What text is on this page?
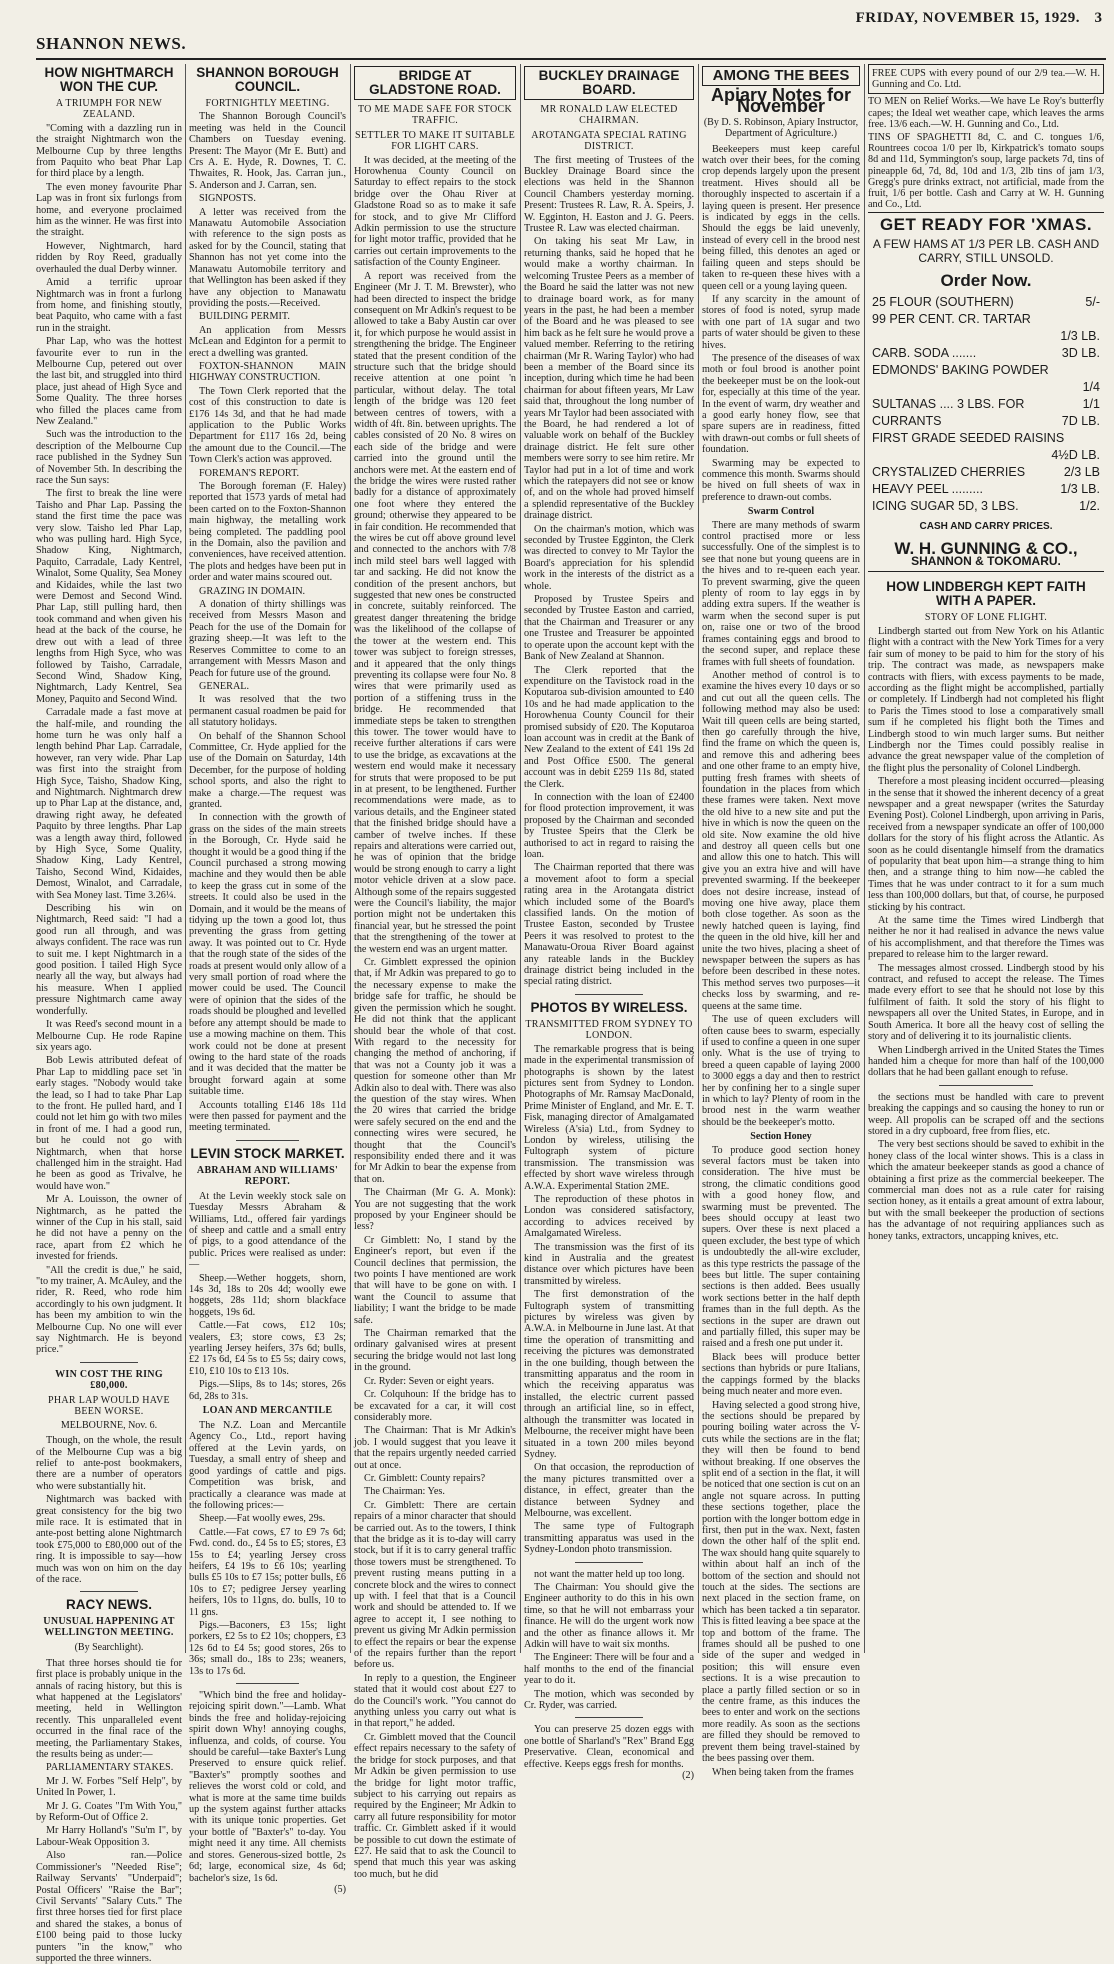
3
FRIDAY, NOVEMBER 15, 1929.
SHANNON NEWS.
HOW NIGHTMARCH WON THE CUP.
A TRIUMPH FOR NEW ZEALAND.

"Coming with a dazzling run in the straight Nightmarch won the Melbourne Cup by three lengths from Paquito who beat Phar Lap for third place by a length.

The even money favourite Phar Lap was in front six furlongs from home, and everyone proclaimed him as the winner. He was first into the straight.

However, Nightmarch, hard ridden by Roy Reed, gradually overhauled the dual Derby winner.

Amid a terrific uproar Nightmarch was in front a furlong from home, and finishing stoutly, beat Paquito, who came with a fast run in the straight.

Phar Lap, who was the hottest favourite ever to run in the Melbourne Cup, petered out over the last bit, and struggled into third place, just ahead of High Syce and Some Quality. The three horses who filled the places came from New Zealand."

Such was the introduction to the description of the Melbourne Cup race published in the Sydney Sun of November 5th. In describing the race the Sun says:

The first to break the line were Taisho and Phar Lap. Passing the stand the first time the pace was very slow. Taisho led Phar Lap, who was pulling hard. High Syce, Shadow King, Nightmarch, Paquito, Carradale, Lady Kentrel, Winalot, Some Quality, Sea Money and Kidaides, while the last two were Demost and Second Wind. Phar Lap, still pulling hard, then took command and when given his head at the back of the course, he drew out with a lead of three lengths from High Syce, who was followed by Taisho, Carradale, Second Wind, Shadow King, Nightmarch, Lady Kentrel, Sea Money, Paquito and Second Wind.

Carradale made a fast move at the half-mile, and rounding the home turn he was only half a length behind Phar Lap. Carradale, however, ran very wide. Phar Lap was first into the straight from High Syce, Taisho, Shadow King, and Nightmarch. Nightmarch drew up to Phar Lap at the distance, and, drawing right away, he defeated Paquito by three lengths. Phar Lap was a length away third, followed by High Syce, Some Quality, Shadow King, Lady Kentrel, Taisho, Second Wind, Kidaides, Demost, Winalot, and Carradale, with Sea Money last. Time 3.26¼.

Describing his win on Nightmarch, Reed said: "I had a good run all through, and was always confident. The race was run to suit me. I kept Nightmarch in a good position. I tailed High Syce nearly all the way, but always had his measure. When I applied pressure Nightmarch came away wonderfully.

It was Reed's second mount in a Melbourne Cup. He rode Rapine six years ago.

Bob Lewis attributed defeat of Phar Lap to middling pace set 'in early stages. "Nobody would take the lead, so I had to take Phar Lap to the front. He pulled hard, and I could not let him go with two miles in front of me. I had a good run, but he could not go with Nightmarch, when that horse challenged him in the straight. Had he been as good as Trivalve, he would have won."

Mr A. Louisson, the owner of Nightmarch, as he patted the winner of the Cup in his stall, said he did not have a penny on the race, apart from £2 which he invested for friends.

"All the credit is due," he said, "to my trainer, A. McAuley, and the rider, R. Reed, who rode him accordingly to his own judgment. It has been my ambition to win the Melbourne Cup. No one will ever say Nightmarch. He is beyond price."

WIN COST THE RING £80,000.
PHAR LAP WOULD HAVE BEEN WORSE.
MELBOURNE, Nov. 6.

Though, on the whole, the result of the Melbourne Cup was a big relief to ante-post bookmakers, there are a number of operators who were substantially hit.

Nightmarch was backed with great consistency for the big two mile race. It is estimated that in ante-post betting alone Nightmarch took £75,000 to £80,000 out of the ring. It is impossible to say—how much was won on him on the day of the race.

RACY NEWS.
UNUSUAL HAPPENING AT WELLINGTON MEETING.
(By Searchlight).

That three horses should tie for first place is probably unique in the annals of racing history, but this is what happened at the Legislators' meeting, held in Wellington recently. This unparalleled event occurred in the final race of the meeting, the Parliamentary Stakes, the results being as under:—

PARLIAMENTARY STAKES.

Mr J. W. Forbes "Self Help", by United In Power, 1.

Mr J. G. Coates "I'm With You," by Reform-Out of Office 2.

Mr Harry Holland's "Su'm I", by Labour-Weak Opposition 3.

Also ran.—Police Commissioner's "Needed Rise"; Railway Servants' "Underpaid"; Postal Officers' "Raise the Bar"; Civil Servants' "Salary Cuts." The first three horses tied for first place and shared the stakes, a bonus of £100 being paid to those lucky punters "in the know," who supported the three winners.

SHANNON BOROUGH COUNCIL.
FORTNIGHTLY MEETING.

The Shannon Borough Council's meeting was held in the Council Chambers on Tuesday evening. Present: The Mayor (Mr E. Butt) and Crs A. E. Hyde, R. Downes, T. C. Thwaites, R. Hook, Jas. Carran jun., S. Anderson and J. Carran, sen.

SIGNPOSTS.

A letter was received from the Manawatu Automobile Association with reference to the sign posts as asked for by the Council, stating that Shannon has not yet come into the Manawatu Automobile territory and that Wellington has been asked if they have any objection to Manawatu providing the posts.—Received.

BUILDING PERMIT.

An application from Messrs McLean and Edginton for a permit to erect a dwelling was granted.

FOXTON-SHANNON MAIN HIGHWAY CONSTRUCTION.

The Town Clerk reported that the cost of this construction to date is £176 14s 3d, and that he had made application to the Public Works Department for £117 16s 2d, being the amount due to the Council.—The Town Clerk's action was approved.

FOREMAN'S REPORT.

The Borough foreman (F. Haley) reported that 1573 yards of metal had been carted on to the Foxton-Shannon main highway, the metalling work being completed. The paddling pool in the Domain, also the pavilion and conveniences, have received attention. The plots and hedges have been put in order and water mains scoured out.

GRAZING IN DOMAIN.

A donation of thirty shillings was received from Messrs Mason and Peach for the use of the Domain for grazing sheep.—It was left to the Reserves Committee to come to an arrangement with Messrs Mason and Peach for future use of the ground.

GENERAL.

It was resolved that the two permanent casual roadmen be paid for all statutory holidays.

On behalf of the Shannon School Committee, Cr. Hyde applied for the use of the Domain on Saturday, 14th December, for the purpose of holding school sports, and also the right to make a charge.—The request was granted.

In connection with the growth of grass on the sides of the main streets in the Borough, Cr. Hyde said he thought it would be a good thing if the Council purchased a strong mowing machine and they would then be able to keep the grass cut in some of the streets. It could also be used in the Domain, and it would be the means of tidying up the town a good lot, thus preventing the grass from getting away. It was pointed out to Cr. Hyde that the rough state of the sides of the roads at present would only allow of a very small portion of road where the mower could be used. The Council were of opinion that the sides of the roads should be ploughed and levelled before any attempt should be made to use a mowing machine on them. This work could not be done at present owing to the hard state of the roads and it was decided that the matter be brought forward again at some suitable time.

Accounts totalling £146 18s 11d were then passed for payment and the meeting terminated.

LEVIN STOCK MARKET.
ABRAHAM AND WILLIAMS' REPORT.

At the Levin weekly stock sale on Tuesday Messrs Abraham & Williams, Ltd., offered fair yardings of sheep and cattle and a small entry of pigs, to a good attendance of the public. Prices were realised as under:—

Sheep.—Wether hoggets, shorn, 14s 3d, 18s to 20s 4d; woolly ewe hoggets, 28s 11d; shorn blackface hoggets, 19s 6d.

Cattle.—Fat cows, £12 10s; vealers, £3; store cows, £3 2s; yearling Jersey heifers, 37s 6d; bulls, £2 17s 6d, £4 5s to £5 5s; dairy cows, £10, £10 10s to £13 10s.

Pigs.—Slips, 8s to 14s; stores, 26s 6d, 28s to 31s.

LOAN AND MERCANTILE

The N.Z. Loan and Mercantile Agency Co., Ltd., report having offered at the Levin yards, on Tuesday, a small entry of sheep and good yardings of cattle and pigs. Competition was brisk, and practically a clearance was made at the following prices:—

Sheep.—Fat woolly ewes, 29s.

Cattle.—Fat cows, £7 to £9 7s 6d; Fwd. cond. do., £4 5s to £5; stores, £3 15s to £4; yearling Jersey cross heifers, £4 19s to £6 10s; yearling bulls £5 10s to £7 15s; potter bulls, £6 10s to £7; pedigree Jersey yearling heifers, 10s to 11gns, do. bulls, 10 to 11 gns.

Pigs.—Baconers, £3 15s; light porkers, £2 5s to £2 10s; choppers, £3 12s 6d to £4 5s; good stores, 26s to 36s; small do., 18s to 23s; weaners, 13s to 17s 6d.

"Which bind the free and holiday-rejoicing spirit down."—Lamb. What binds the free and holiday-rejoicing spirit down Why! annoying coughs, influenza, and colds, of course. You should be careful—take Baxter's Lung Preserved to ensure quick relief. "Baxter's" promptly soothes and relieves the worst cold or cold, and what is more at the same time builds up the system against further attacks with its unique tonic properties. Get your bottle of "Baxter's" to-day. You might need it any time. All chemists and stores. Generous-sized bottle, 2s 6d; large, economical size, 4s 6d; bachelor's size, 1s 6d.

(5)
BRIDGE AT GLADSTONE ROAD.
TO ME MADE SAFE FOR STOCK TRAFFIC.
SETTLER TO MAKE IT SUITABLE FOR LIGHT CARS.

It was decided, at the meeting of the Horowhenua County Council on Saturday to effect repairs to the stock bridge over the Ohau River at Gladstone Road so as to make it safe for stock, and to give Mr Clifford Adkin permission to use the structure for light motor traffic, provided that he carries out certain improvements to the satisfaction of the County Engineer.

A report was received from the Engineer (Mr J. T. M. Brewster), who had been directed to inspect the bridge consequent on Mr Adkin's request to be allowed to take a Baby Austin car over it, for which purpose he would assist in strengthening the bridge. The Engineer stated that the present condition of the structure such that the bridge should receive attention at one point 'n particular, without delay. The total length of the bridge was 120 feet between centres of towers, with a width of 4ft. 8in. between uprights. The cables consisted of 20 No. 8 wires on each side of the bridge and were carried into the ground until the anchors were met. At the eastern end of the bridge the wires were rusted rather badly for a distance of approximately one foot where they entered the ground; otherwise they appeared to be in fair condition. He recommended that the wires be cut off above ground level and connected to the anchors with 7/8 inch mild steel bars well lagged with tar and sacking. He did not know the condition of the present anchors, but suggested that new ones be constructed in concrete, suitably reinforced. The greatest danger threatening the bridge was the likelihood of the collapse of the tower at the western end. This tower was subject to foreign stresses, and it appeared that the only things preventing its collapse were four No. 8 wires that were primarily used as portion of a stiffening truss in the bridge. He recommended that immediate steps be taken to strengthen this tower. The tower would have to receive further alterations if cars were to use the bridge, as excavations at the western end would make it necessary for struts that were proposed to be put in at present, to be lengthened. Further recommendations were made, as to various details, and the Engineer stated that the finished bridge should have a camber of twelve inches. If these repairs and alterations were carried out, he was of opinion that the bridge would be strong enough to carry a light motor vehicle driven at a slow pace. Although some of the repairs suggested were the Council's liability, the major portion might not be undertaken this financial year, but he stressed the point that the strengthening of the tower at the western end was an urgent matter.

Cr. Gimblett expressed the opinion that, if Mr Adkin was prepared to go to the necessary expense to make the bridge safe for traffic, he should be given the permission which he sought. He did not think that the applicant should bear the whole of that cost. With regard to the necessity for changing the method of anchoring, if that was not a County job it was a question for someone other than Mr Adkin also to deal with. There was also the question of the stay wires. When the 20 wires that carried the bridge were safely secured on the end and the connecting wires were secured, he thought that the Council's responsibility ended there and it was for Mr Adkin to bear the expense from that on.

The Chairman (Mr G. A. Monk): You are not suggesting that the work proposed by your Engineer should be less?

Cr Gimblett: No, I stand by the Engineer's report, but even if the Council declines that permission, the two points I have mentioned are work that will have to be gone on with. I want the Council to assume that liability; I want the bridge to be made safe.

The Chairman remarked that the ordinary galvanised wires at present securing the bridge would not last long in the ground.

Cr. Ryder: Seven or eight years.

Cr. Colquhoun: If the bridge has to be excavated for a car, it will cost considerably more.

The Chairman: That is Mr Adkin's job. I would suggest that you leave it that the repairs urgently needed carried out at once.

Cr. Gimblett: County repairs?

The Chairman: Yes.

Cr. Gimblett: There are certain repairs of a minor character that should be carried out. As to the towers, I think that the bridge as it is to-day will carry stock, but if it is to carry general traffic those towers must be strengthened. To prevent rusting means putting in a concrete block and the wires to connect up with. I feel that that is a Council work and should be attended to. If we agree to accept it, I see nothing to prevent us giving Mr Adkin permission to effect the repairs or bear the expense of the repairs further than the report before us.

In reply to a question, the Engineer stated that it would cost about £27 to do the Council's work. "You cannot do anything unless you carry out what is in that report," he added.

Cr. Gimblett moved that the Council effect repairs necessary to the safety of the bridge for stock purposes, and that Mr Adkin be given permission to use the bridge for light motor traffic, subject to his carrying out repairs as required by the Engineer; Mr Adkin to carry all future responsibility for motor traffic. Cr. Gimblett asked if it would be possible to cut down the estimate of £27. He said that to ask the Council to spend that much this year was asking too much, but he did

BUCKLEY DRAINAGE BOARD.
MR RONALD LAW ELECTED CHAIRMAN.
AROTANGATA SPECIAL RATING DISTRICT.

The first meeting of Trustees of the Buckley Drainage Board since the elections was held in the Shannon Council Chambers yesterday morning. Present: Trustees R. Law, R. A. Speirs, J. W. Egginton, H. Easton and J. G. Peers. Trustee R. Law was elected chairman.

On taking his seat Mr Law, in returning thanks, said he hoped that he would make a worthy chairman. In welcoming Trustee Peers as a member of the Board he said the latter was not new to drainage board work, as for many years in the past, he had been a member of the Board and he was pleased to see him back as he felt sure he would prove a valued member. Referring to the retiring chairman (Mr R. Waring Taylor) who had been a member of the Board since its inception, during which time he had been chairman for about fifteen years, Mr Law said that, throughout the long number of years Mr Taylor had been associated with the Board, he had rendered a lot of valuable work on behalf of the Buckley drainage district. He felt sure other members were sorry to see him retire. Mr Taylor had put in a lot of time and work which the ratepayers did not see or know of, and on the whole had proved himself a splendid representative of the Buckley drainage district.

On the chairman's motion, which was seconded by Trustee Egginton, the Clerk was directed to convey to Mr Taylor the Board's appreciation for his splendid work in the interests of the district as a whole.

Proposed by Trustee Speirs and seconded by Trustee Easton and carried, that the Chairman and Treasurer or any one Trustee and Treasurer be appointed to operate upon the account kept with the Bank of New Zealand at Shannon.

The Clerk reported that the expenditure on the Tavistock road in the Koputaroa sub-division amounted to £40 10s and he had made application to the Horowhenua County Council for their promised subsidy of £20. The Koputaroa loan account was in credit at the Bank of New Zealand to the extent of £41 19s 2d and Post Office £500. The general account was in debit £259 11s 8d, stated the Clerk.

In connection with the loan of £2400 for flood protection improvement, it was proposed by the Chairman and seconded by Trustee Speirs that the Clerk be authorised to act in regard to raising the loan.

The Chairman reported that there was a movement afoot to form a special rating area in the Arotangata district which included some of the Board's classified lands. On the motion of Trustee Easton, seconded by Trustee Peers it was resolved to protest to the Manawatu-Oroua River Board against any rateable lands in the Buckley drainage district being included in the special rating district.

PHOTOS BY WIRELESS.
TRANSMITTED FROM SYDNEY TO LONDON.

The remarkable progress that is being made in the experimental transmission of photographs is shown by the latest pictures sent from Sydney to London. Photographs of Mr. Ramsay MacDonald, Prime Minister of England, and Mr. E. T. Fisk, managing director of Amalgamated Wireless (A'sia) Ltd., from Sydney to London by wireless, utilising the Fultograph system of picture transmission. The transmission was effected by short wave wireless through A.W.A. Experimental Station 2ME.

The reproduction of these photos in London was considered satisfactory, according to advices received by Amalgamated Wireless.

The transmission was the first of its kind in Australia and the greatest distance over which pictures have been transmitted by wireless.

The first demonstration of the Fultograph system of transmitting pictures by wireless was given by A.W.A. in Melbourne in June last. At that time the operation of transmitting and receiving the pictures was demonstrated in the one building, though between the transmitting apparatus and the room in which the receiving apparatus was installed, the electric current passed through an artificial line, so in effect, although the transmitter was located in Melbourne, the receiver might have been situated in a town 200 miles beyond Sydney.

On that occasion, the reproduction of the many pictures transmitted over a distance, in effect, greater than the distance between Sydney and Melbourne, was excellent.

The same type of Fultograph transmitting apparatus was used in the Sydney-London photo transmission.

not want the matter held up too long.

The Chairman: You should give the Engineer authority to do this in his own time, so that he will not embarrass your finance. He will do the urgent work now and the other as finance allows it. Mr Adkin will have to wait six months.

The Engineer: There will be four and a half months to the end of the financial year to do it.

The motion, which was seconded by Cr. Ryder, was carried.

You can preserve 25 dozen eggs with one bottle of Sharland's "Rex" Brand Egg Preservative. Clean, economical and effective. Keeps eggs fresh for months.

(2)
AMONG THE BEES
Apiary Notes for November
(By D. S. Robinson, Apiary Instructor, Department of Agriculture.)

Beekeepers must keep careful watch over their bees, for the coming crop depends largely upon the present treatment. Hives should all be thoroughly inspected to ascertain if a laying queen is present. Her presence is indicated by eggs in the cells. Should the eggs be laid unevenly, instead of every cell in the brood nest being filled, this denotes an aged or failing queen and steps should be taken to re-queen these hives with a queen cell or a young laying queen.

If any scarcity in the amount of stores of food is noted, syrup made with one part of 1A sugar and two parts of water should be given to these hives.

The presence of the diseases of wax moth or foul brood is another point the beekeeper must be on the look-out for, especially at this time of the year. In the event of warm, dry weather and a good early honey flow, see that spare supers are in readiness, fitted with drawn-out combs or full sheets of foundation.

Swarming may be expected to commence this month. Swarms should be hived on full sheets of wax in preference to drawn-out combs.

Swarm Control

There are many methods of swarm control practised more or less successfully. One of the simplest is to see that none but young queens are in the hives and to re-queen each year. To prevent swarming, give the queen plenty of room to lay eggs in by adding extra supers. If the weather is warm when the second super is put on, raise one or two of the brood frames containing eggs and brood to the second super, and replace these frames with full sheets of foundation.

Another method of control is to examine the hives every 10 days or so and cut out all the queen cells. The following method may also be used: Wait till queen cells are being started, then go carefully through the hive, find the frame on which the queen is, and remove this and adhering bees and one other frame to an empty hive, putting fresh frames with sheets of foundation in the places from which these frames were taken. Next move the old hive to a new site and put the hive in which is now the queen on the old site. Now examine the old hive and destroy all queen cells but one and allow this one to hatch. This will give you an extra hive and will have prevented swarming. If the beekeeper does not desire increase, instead of moving one hive away, place them both close together. As soon as the newly hatched queen is laying, find the queen in the old hive, kill her and unite the two hives, placing a sheet of newspaper between the supers as has before been described in these notes. This method serves two purposes—it checks loss by swarming, and re-queens at the same time.

The use of queen excluders will often cause bees to swarm, especially if used to confine a queen in one super only. What is the use of trying to breed a queen capable of laying 2000 to 3000 eggs a day and then to restrict her by confining her to a single super in which to lay? Plenty of room in the brood nest in the warm weather should be the beekeeper's motto.

Section Honey

To produce good section honey several factors must be taken into consideration. The hive must be strong, the climatic conditions good with a good honey flow, and swarming must be prevented. The bees should occupy at least two supers. Over these is next placed a queen excluder, the best type of which is undoubtedly the all-wire excluder, as this type restricts the passage of the bees but little. The super containing sections is then added. Bees usually work sections better in the half depth frames than in the full depth. As the sections in the super are drawn out and partially filled, this super may be raised and a fresh one put under it.

Black bees will produce better sections than hybrids or pure Italians, the cappings formed by the blacks being much neater and more even.

Having selected a good strong hive, the sections should be prepared by pouring boiling water across the V-cuts while the sections are in the flat; they will then be found to bend without breaking. If one observes the split end of a section in the flat, it will be noticed that one section is cut on an angle not square across. In putting these sections together, place the portion with the longer bottom edge in first, then put in the wax. Next, fasten down the other half of the split end. The wax should hang quite squarely to within about half an inch of the bottom of the section and should not touch at the sides. The sections are next placed in the section frame, on which has been tacked a tin separator. This is fitted leaving a bee space at the top and bottom of the frame. The frames should all be pushed to one side of the super and wedged in position; this will ensure even sections. It is a wise precaution to place a partly filled section or so in the centre frame, as this induces the bees to enter and work on the sections more readily. As soon as the sections are filled they should be removed to prevent them being travel-stained by the bees passing over them.

When being taken from the frames

FREE CUPS with every pound of our 2/9 tea.—W. H. Gunning and Co. Ltd.

TO MEN on Relief Works.—We have Le Roy's butterfly capes; the Ideal wet weather cape, which leaves the arms free. 13/6 each.—W. H. Gunning and Co., Ltd.

TINS OF SPAGHETTI 8d, C. and C. tongues 1/6, Rountrees cocoa 1/0 per lb, Kirkpatrick's tomato soups 8d and 11d, Symmington's soup, large packets 7d, tins of pineapple 6d, 7d, 8d, 10d and 1/3, 2lb tins of jam 1/3, Gregg's pure drinks extract, not artificial, made from the fruit, 1/6 per bottle. Cash and Carry at W. H. Gunning and Co., Ltd.

GET READY FOR 'XMAS.
A FEW HAMS AT 1/3 PER LB. CASH AND CARRY, STILL UNSOLD.
Order Now.
25 FLOUR (SOUTHERN)	5/-
99 PER CENT. CR. TARTAR
1/3 LB.
CARB. SODA .......	3D LB.
EDMONDS' BAKING POWDER
1/4
SULTANAS .... 3 LBS. FOR	1/1
CURRANTS	7D LB.
FIRST GRADE SEEDED RAISINS
4½D LB.
CRYSTALIZED CHERRIES	2/3 LB
HEAVY PEEL .........	1/3 LB.
ICING SUGAR 5D, 3 LBS.	1/2.
CASH AND CARRY PRICES.
W. H. GUNNING & CO.,
SHANNON & TOKOMARU.
HOW LINDBERGH KEPT FAITH WITH A PAPER.
STORY OF LONE FLIGHT.

Lindbergh started out from New York on his Atlantic flight with a contract with the New York Times for a very fair sum of money to be paid to him for the story of his trip. The contract was made, as newspapers make contracts with fliers, with excess payments to be made, according as the flight might be accomplished, partially or completely. If Lindbergh had not completed his flight to Paris the Times stood to lose a comparatively small sum if he completed his flight both the Times and Lindbergh stood to win much larger sums. But neither Lindbergh nor the Times could possibly realise in advance the great newspaper value of the completion of the flight plus the personality of Colonel Lindbergh.

Therefore a most pleasing incident occurred—pleasing in the sense that it showed the inherent decency of a great newspaper and a great newspaper (writes the Saturday Evening Post). Colonel Lindbergh, upon arriving in Paris, received from a newspaper syndicate an offer of 100,000 dollars for the story of his flight across the Atlantic. As soon as he could disentangle himself from the dramatics of popularity that beat upon him—a strange thing to him then, and a strange thing to him now—he cabled the Times that he was under contract to it for a sum much less than 100,000 dollars, but that, of course, he purposed sticking by his contract.

At the same time the Times wired Lindbergh that neither he nor it had realised in advance the news value of his accomplishment, and that therefore the Times was prepared to release him to the larger reward.

The messages almost crossed. Lindbergh stood by his contract, and refused to accept the release. The Times made every effort to see that he should not lose by this fulfilment of faith. It sold the story of his flight to newspapers all over the United States, in Europe, and in South America. It bore all the heavy cost of selling the story and of delivering it to its journalistic clients.

When Lindbergh arrived in the United States the Times handed him a cheque for more than half of the 100,000 dollars that he had been gallant enough to refuse.

the sections must be handled with care to prevent breaking the cappings and so causing the honey to run or weep. All propolis can be scraped off and the sections stored in a dry cupboard, free from flies, etc.

The very best sections should be saved to exhibit in the honey class of the local winter shows. This is a class in which the amateur beekeeper stands as good a chance of obtaining a first prize as the commercial beekeeper. The commercial man does not as a rule cater for raising section honey, as it entails a great amount of extra labour, but with the small beekeeper the production of sections has the advantage of not requiring appliances such as honey tanks, extractors, uncapping knives, etc.
